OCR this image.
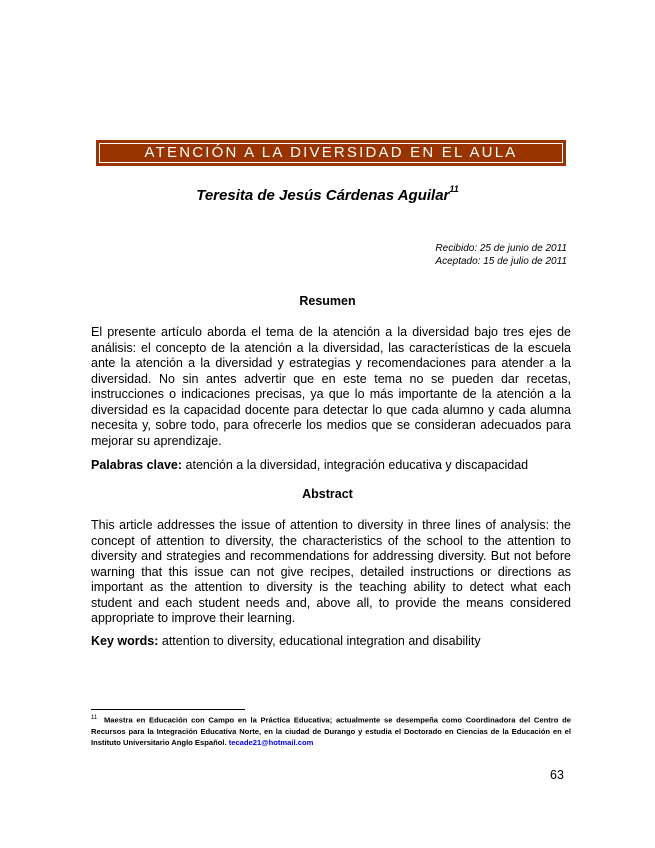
ATENCIÓN A LA DIVERSIDAD EN EL AULA
Teresita de Jesús Cárdenas Aguilar$^{11}$
Recibido: 25 de junio de 2011
Aceptado: 15 de julio de 2011
Resumen

El presente artículo aborda el tema de la atención a la diversidad bajo tres ejes de análisis: el concepto de la atención a la diversidad, las características de la escuela ante la atención a la diversidad y estrategias y recomendaciones para atender a la diversidad. No sin antes advertir que en este tema no se pueden dar recetas, instrucciones o indicaciones precisas, ya que lo más importante de la atención a la diversidad es la capacidad docente para detectar lo que cada alumno y cada alumna necesita y, sobre todo, para ofrecerle los medios que se consideran adecuados para mejorar su aprendizaje.

Palabras clave: atención a la diversidad, integración educativa y discapacidad

Abstract

This article addresses the issue of attention to diversity in three lines of analysis: the concept of attention to diversity, the characteristics of the school to the attention to diversity and strategies and recommendations for addressing diversity. But not before warning that this issue can not give recipes, detailed instructions or directions as important as the attention to diversity is the teaching ability to detect what each student and each student needs and, above all, to provide the means considered appropriate to improve their learning.

Key words: attention to diversity, educational integration and disability

$^{11}$ Maestra en Educación con Campo en la Práctica Educativa; actualmente se desempeña como Coordinadora del Centro de Recursos para la Integración Educativa Norte, en la ciudad de Durango y estudia el Doctorado en Ciencias de la Educación en el Instituto Universitario Anglo Español. tecade21@hotmail.com

63
